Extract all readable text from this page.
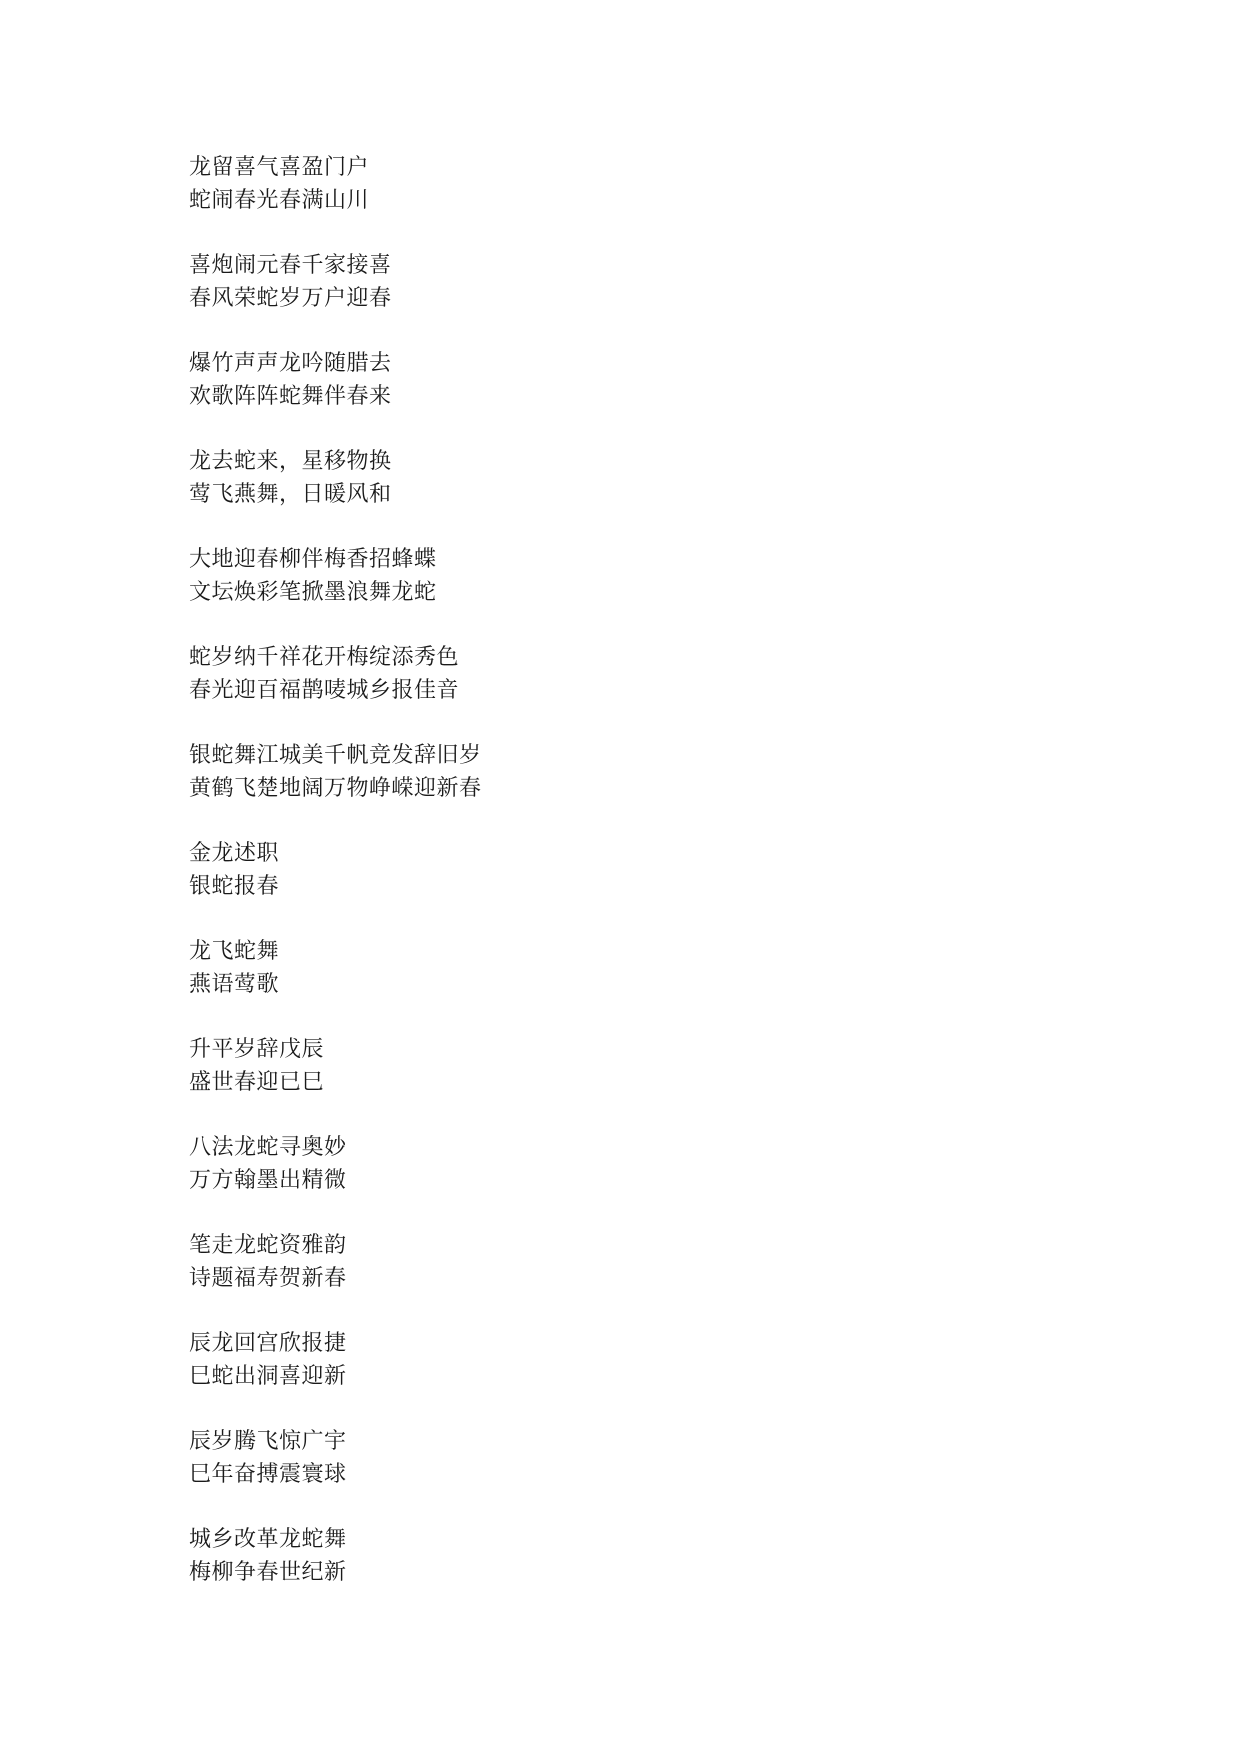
龙留喜气喜盈门户
蛇闹春光春满山川
喜炮闹元春千家接喜
春风荣蛇岁万户迎春
爆竹声声龙吟随腊去
欢歌阵阵蛇舞伴春来
龙去蛇来，星移物换
莺飞燕舞，日暖风和
大地迎春柳伴梅香招蜂蝶
文坛焕彩笔掀墨浪舞龙蛇
蛇岁纳千祥花开梅绽添秀色
春光迎百福鹊唛城乡报佳音
银蛇舞江城美千帆竞发辞旧岁
黄鹤飞楚地阔万物峥嵘迎新春
金龙述职
银蛇报春
龙飞蛇舞
燕语莺歌
升平岁辞戊辰
盛世春迎已巳
八法龙蛇寻奥妙
万方翰墨出精微
笔走龙蛇资雅韵
诗题福寿贺新春
辰龙回宫欣报捷
巳蛇出洞喜迎新
辰岁腾飞惊广宇
巳年奋搏震寰球
城乡改革龙蛇舞
梅柳争春世纪新
